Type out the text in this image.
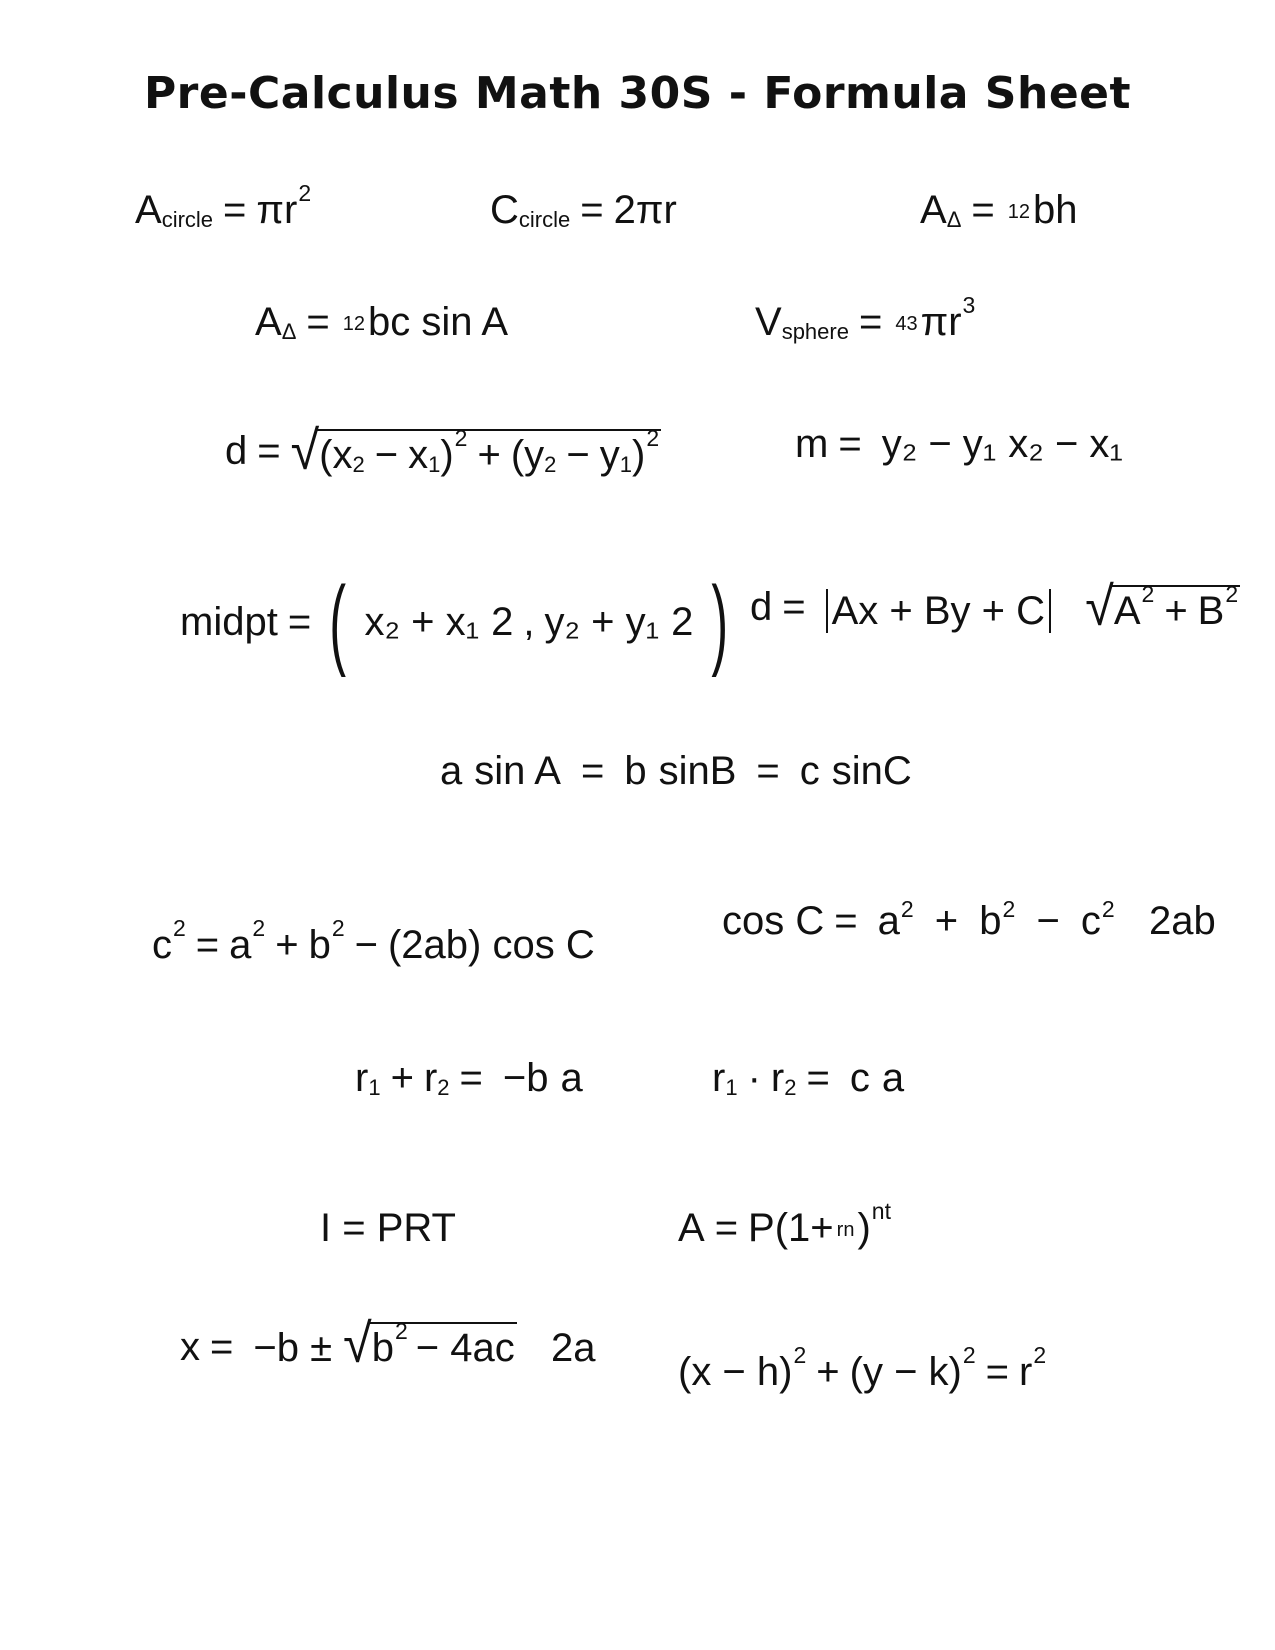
Pre-Calculus Math 30S - Formula Sheet
A circle = π r 2	C circle = 2πr	A Δ = 12 bh
A Δ = 12 bc sin A	V sphere = 43 π r 3
d = √ ( x 2 − x 1 ) 2 + ( y 2 − y 1 ) 2	m = y₂ − y₁ x₂ − x₁
midpt = ( x₂ + x₁ 2 , y₂ + y₁ 2 ) d = Ax + By + C √ A 2 + B 2
a sin A = b sinB = c sinC
c 2 = a 2 + b 2 − (2ab) cos C
cos C = a2 + b2 − c2 2ab
r 1 + r 2 = −b a	r 1 · r 2 = c a
I = PRT	A = P(1+ rn ) nt
x = −b ± √ b 2 − 4ac 2a
(x − h) 2 + (y − k) 2 = r 2
